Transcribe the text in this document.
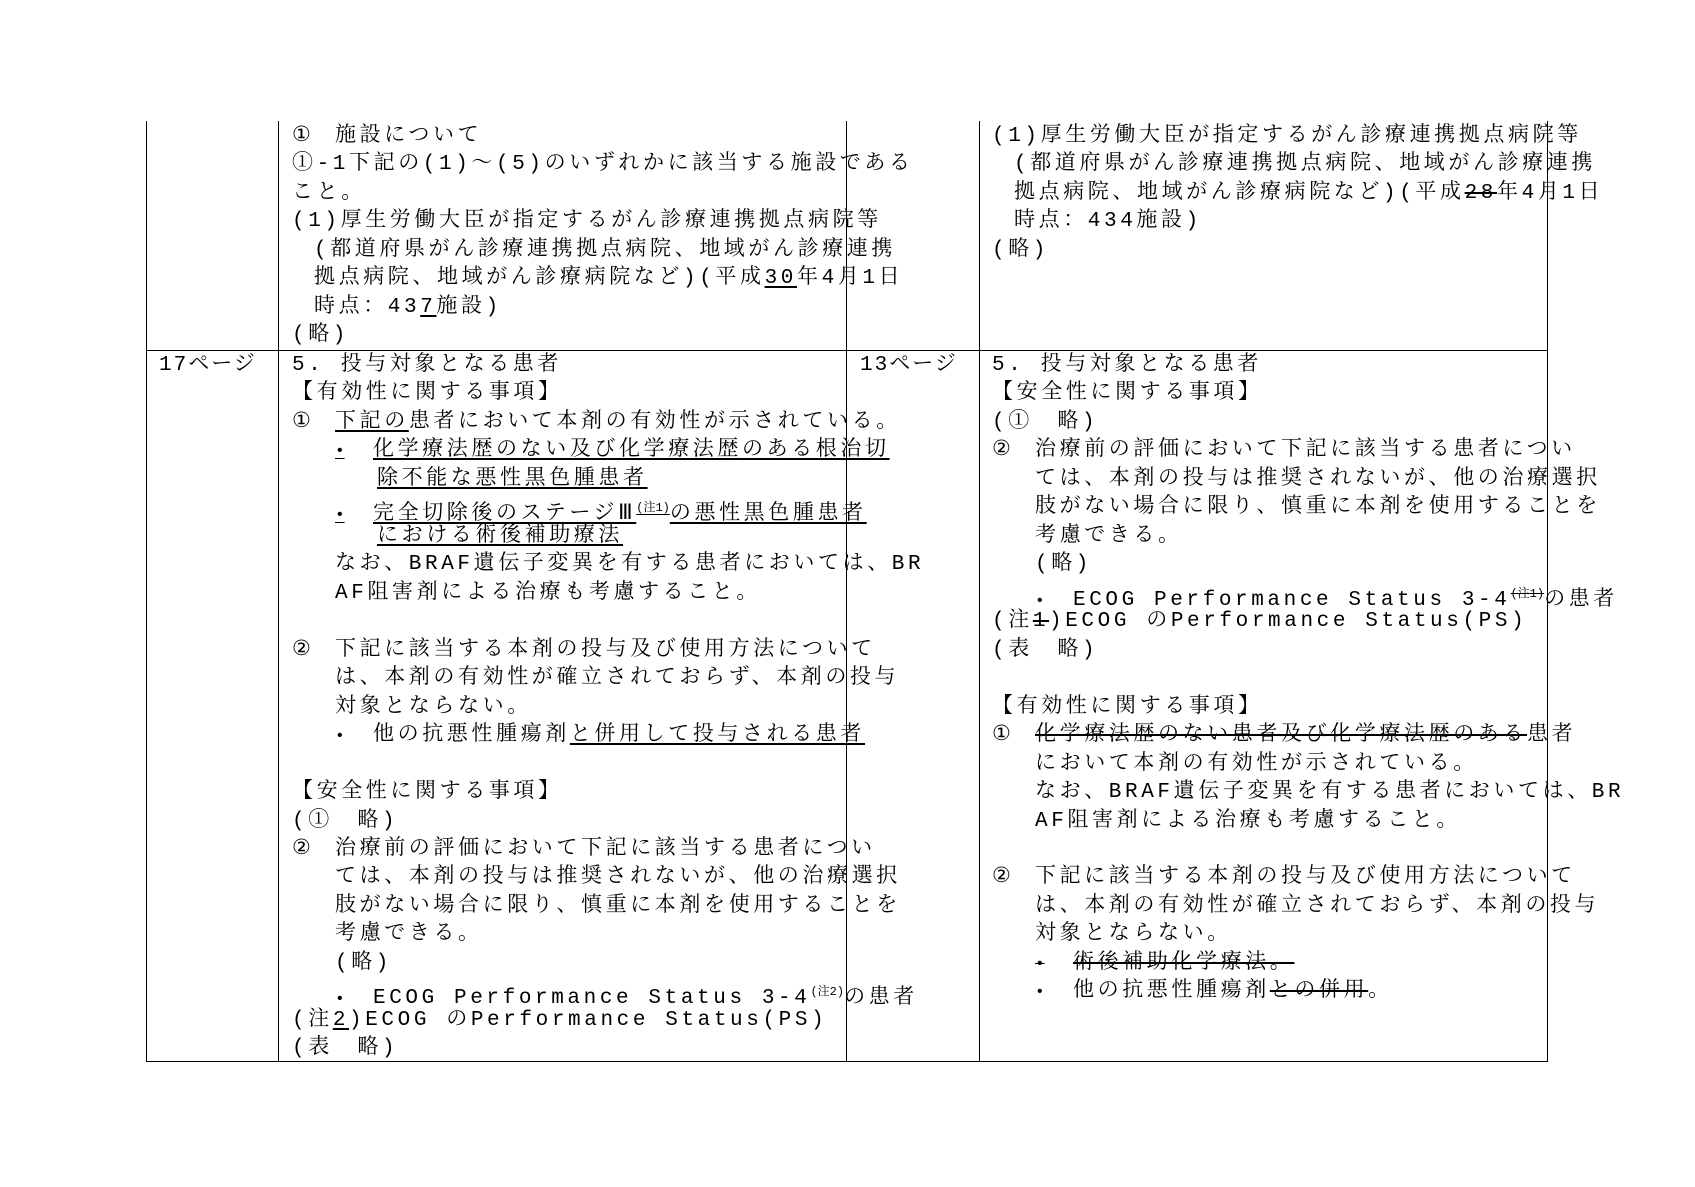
① 施設について
①-1下記の(1)～(5)のいずれかに該当する施設である
こと。
(1)厚生労働大臣が指定するがん診療連携拠点病院等
(都道府県がん診療連携拠点病院、地域がん診療連携
拠点病院、地域がん診療病院など)(平成30年4月1日
時点：437施設)
(略)
(1)厚生労働大臣が指定するがん診療連携拠点病院等
(都道府県がん診療連携拠点病院、地域がん診療連携
拠点病院、地域がん診療病院など)(平成28年4月1日
時点：434施設)
(略)
17ページ 5. 投与対象となる患者
【有効性に関する事項】
① 下記の患者において本剤の有効性が示されている。
• 化学療法歴のない及び化学療法歴のある根治切
除不能な悪性黒色腫患者
• 完全切除後のステージⅢ$^{(注1)}$の悪性黒色腫患者
における術後補助療法
なお、BRAF遺伝子変異を有する患者においては、BR
AF阻害剤による治療も考慮すること。
② 下記に該当する本剤の投与及び使用方法について
は、本剤の有効性が確立されておらず、本剤の投与
対象とならない。
• 他の抗悪性腫瘍剤と併用して投与される患者
【安全性に関する事項】
(①　略)
② 治療前の評価において下記に該当する患者につい
ては、本剤の投与は推奨されないが、他の治療選択
肢がない場合に限り、慎重に本剤を使用することを
考慮できる。
(略)
• ECOG Performance Status $3-4^{(注2)}$の患者
(注2)ECOG のPerformance Status(PS)
(表　略)
13ページ 5. 投与対象となる患者
【安全性に関する事項】
(①　略)
② 治療前の評価において下記に該当する患者につい
ては、本剤の投与は推奨されないが、他の治療選択
肢がない場合に限り、慎重に本剤を使用することを
考慮できる。
(略)
• ECOG Performance Status $3-4^{(注1)}$の患者
(注1)ECOG のPerformance Status(PS)
(表　略)
【有効性に関する事項】
① 化学療法歴のない患者及び化学療法歴のある患者
において本剤の有効性が示されている。
なお、BRAF遺伝子変異を有する患者においては、BR
AF阻害剤による治療も考慮すること。
② 下記に該当する本剤の投与及び使用方法について
は、本剤の有効性が確立されておらず、本剤の投与
対象とならない。
• 術後補助化学療法。
• 他の抗悪性腫瘍剤との併用。
